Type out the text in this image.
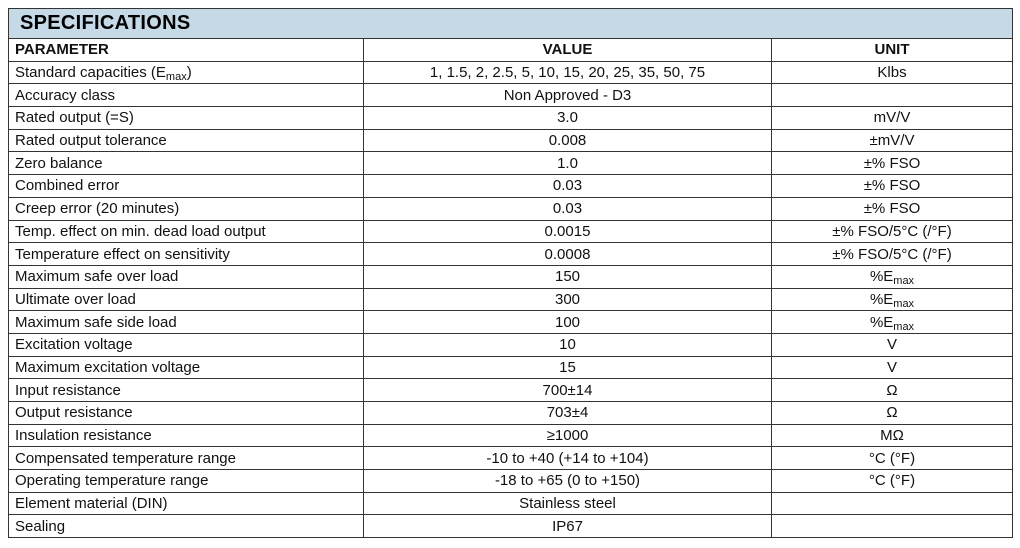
SPECIFICATIONS
PARAMETER	VALUE	UNIT
Standard capacities $(E_{max})$	1, 1.5, 2, 2.5, 5, 10, 15, 20, 25, 35, 50, 75	Klbs
Accuracy class	Non Approved - D3	
Rated output (=S)	3.0	mV/V
Rated output tolerance	0.008	±mV/V
Zero balance	1.0	±% FSO
Combined error	0.03	±% FSO
Creep error (20 minutes)	0.03	±% FSO
Temp. effect on min. dead load output	0.0015	±% FSO/5°C (/°F)
Temperature effect on sensitivity	0.0008	±% FSO/5°C (/°F)
Maximum safe over load	150	$\%E_{max}$
Ultimate over load	300	$\%E_{max}$
Maximum safe side load	100	$\%E_{max}$
Excitation voltage	10	V
Maximum excitation voltage	15	V
Input resistance	700±14	Ω
Output resistance	703±4	Ω
Insulation resistance	≥1000	MΩ
Compensated temperature range	-10 to +40 (+14 to +104)	°C (°F)
Operating temperature range	-18 to +65 (0 to +150)	°C (°F)
Element material (DIN)	Stainless steel	
Sealing	IP67	
